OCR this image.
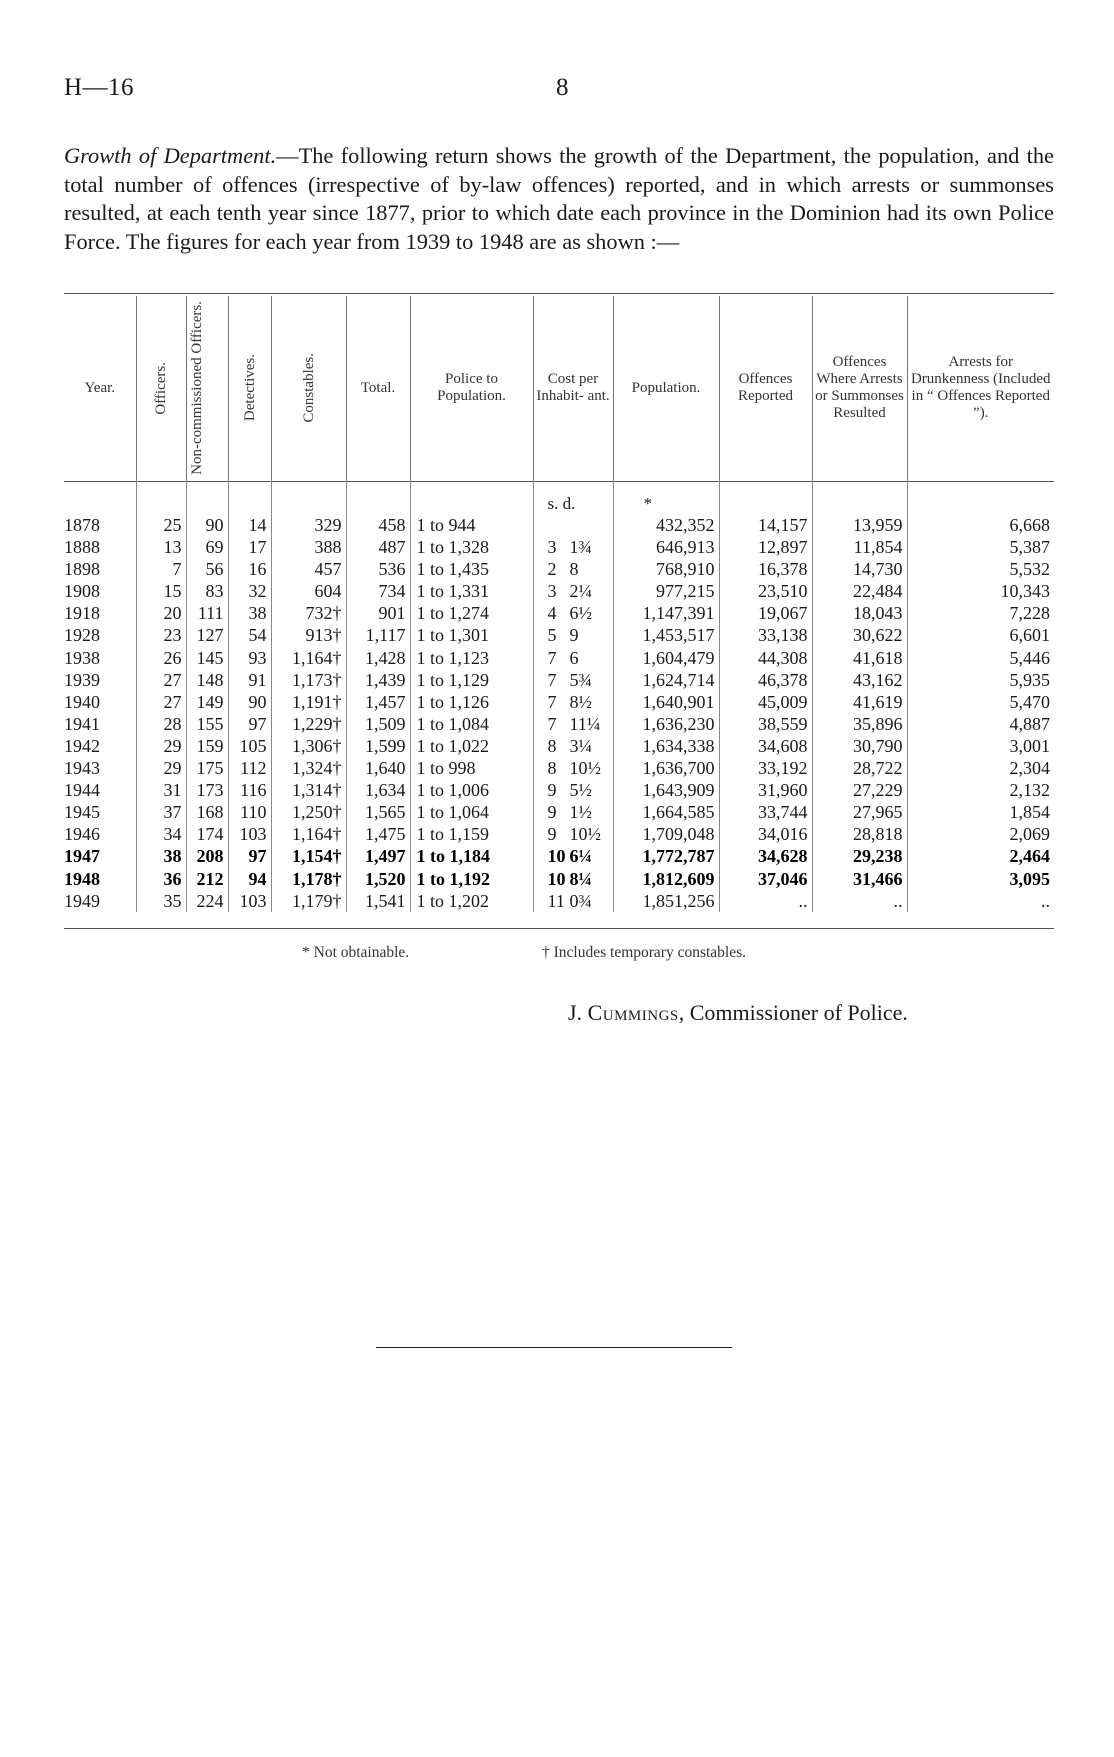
H—16	8

Growth of Department.—The following return shows the growth of the Department, the population, and the total number of offences (irrespective of by-law offences) reported, and in which arrests or summonses resulted, at each tenth year since 1877, prior to which date each province in the Dominion had its own Police Force. The figures for each year from 1939 to 1948 are as shown :—

Year.	Officers.	Non-commissioned Officers.	Detectives.	Constables.	Total.	Police to Population.	Cost per Inhabit- ant.	Population.	Offences Reported	Offences Where Arrests or Summonses Resulted	Arrests for Drunkenness (Included in “ Offences Reported ”).
							s. d.	*			
1878	25	90	14	329	458	1 to 944		432,352	14,157	13,959	6,668
1888	13	69	17	388	487	1 to 1,328	3 1¾	646,913	12,897	11,854	5,387
1898	7	56	16	457	536	1 to 1,435	2 8	768,910	16,378	14,730	5,532
1908	15	83	32	604	734	1 to 1,331	3 2¼	977,215	23,510	22,484	10,343
1918	20	111	38	732†	901	1 to 1,274	4 6½	1,147,391	19,067	18,043	7,228
1928	23	127	54	913†	1,117	1 to 1,301	5 9	1,453,517	33,138	30,622	6,601
1938	26	145	93	1,164†	1,428	1 to 1,123	7 6	1,604,479	44,308	41,618	5,446
1939	27	148	91	1,173†	1,439	1 to 1,129	7 5¾	1,624,714	46,378	43,162	5,935
1940	27	149	90	1,191†	1,457	1 to 1,126	7 8½	1,640,901	45,009	41,619	5,470
1941	28	155	97	1,229†	1,509	1 to 1,084	7 11¼	1,636,230	38,559	35,896	4,887
1942	29	159	105	1,306†	1,599	1 to 1,022	8 3¼	1,634,338	34,608	30,790	3,001
1943	29	175	112	1,324†	1,640	1 to 998	8 10½	1,636,700	33,192	28,722	2,304
1944	31	173	116	1,314†	1,634	1 to 1,006	9 5½	1,643,909	31,960	27,229	2,132
1945	37	168	110	1,250†	1,565	1 to 1,064	9 1½	1,664,585	33,744	27,965	1,854
1946	34	174	103	1,164†	1,475	1 to 1,159	9 10½	1,709,048	34,016	28,818	2,069
1947	38	208	97	1,154†	1,497	1 to 1,184	10 6¼	1,772,787	34,628	29,238	2,464
1948	36	212	94	1,178†	1,520	1 to 1,192	10 8¼	1,812,609	37,046	31,466	3,095
1949	35	224	103	1,179†	1,541	1 to 1,202	11 0¾	1,851,256	..	..	..
* Not obtainable.	† Includes temporary constables.
J. Cummings, Commissioner of Police.
